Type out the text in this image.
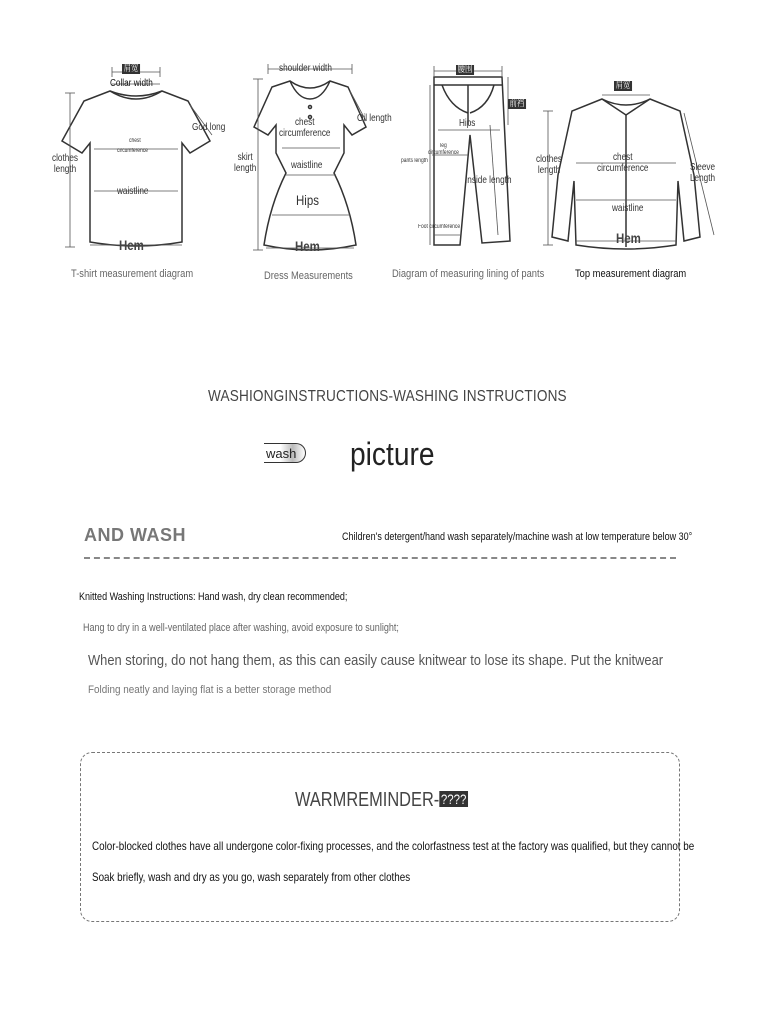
肩宽
Collar width
God long
chest
circumference
clothes
length
waistline
Hem
T-shirt measurement diagram
shoulder width
Oil length
chest
circumference
skirt
length	waistline
Hips
Hem
Dress Measurements
腰围
前裆
Hips
leg
circumference
pants length
Inside length
Foot circumference
Diagram of measuring lining of pants
肩宽
chest
circumference
clothes
length	Sleeve
Length
waistline
Hem
Top measurement diagram
WASHIONGINSTRUCTIONS-WASHING INSTRUCTIONS
wash	picture
AND WASH	Children's detergent/hand wash separately/machine wash at low temperature below 30°
Knitted Washing Instructions: Hand wash, dry clean recommended;
Hang to dry in a well-ventilated place after washing, avoid exposure to sunlight;
When storing, do not hang them, as this can easily cause knitwear to lose its shape. Put the knitwear
Folding neatly and laying flat is a better storage method
WARMREMINDER- ????
Color-blocked clothes have all undergone color-fixing processes, and the colorfastness test at the factory was qualified, but they cannot be
Soak briefly, wash and dry as you go, wash separately from other clothes
